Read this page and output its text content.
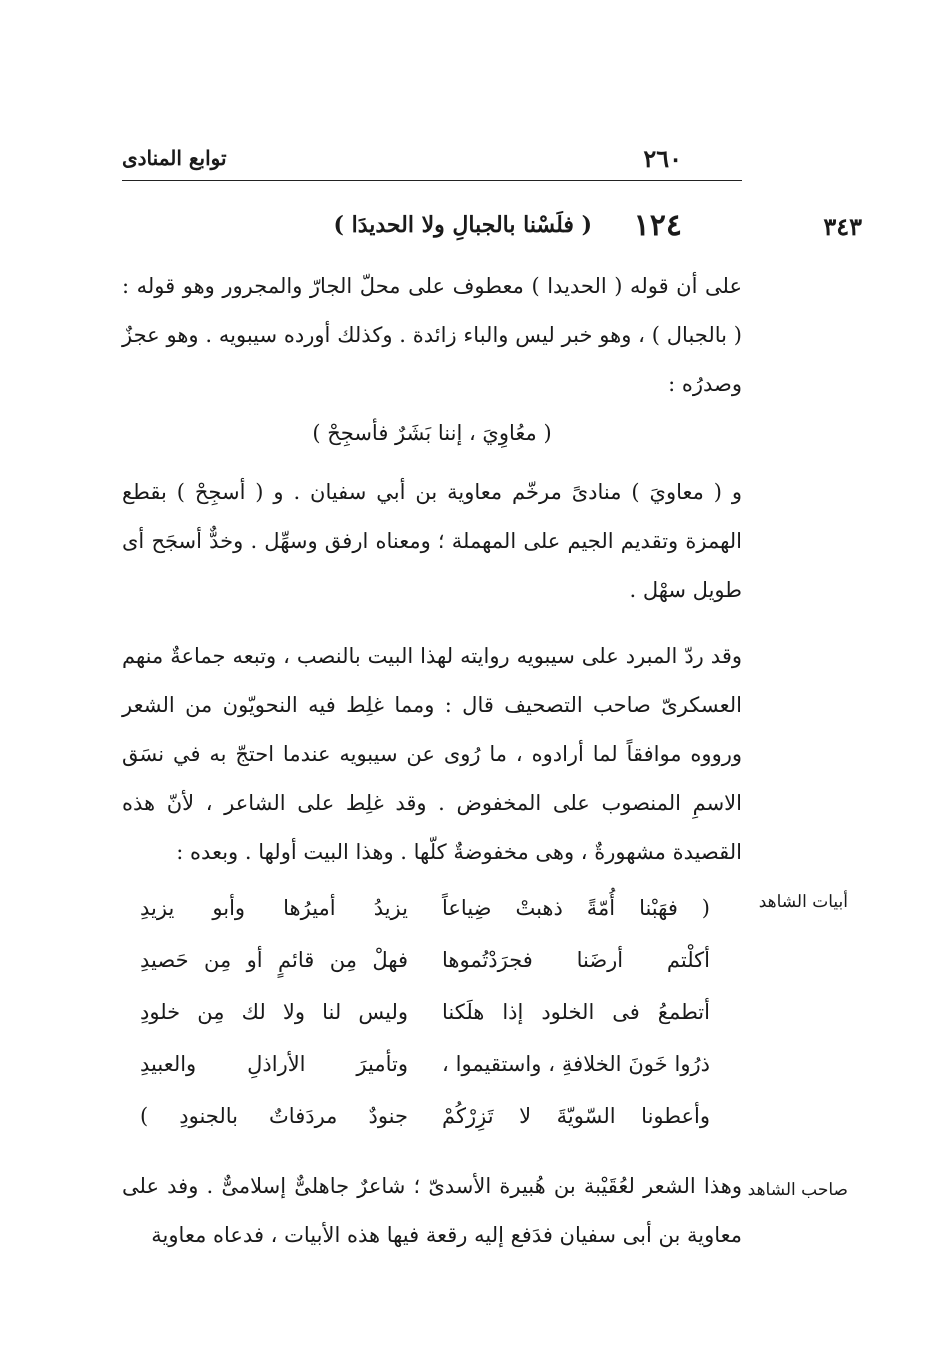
٢٦٠
توابع المنادى
٣٤٣
١٢٤
( فلَسْنا بالجبالِ ولا الحديدَا )
على أن قوله ( الحديدا ) معطوف على محلّ الجارّ والمجرور وهو قوله : ( بالجبال ) ، وهو خبر ليس والباء زائدة . وكذلك أورده سيبويه . وهو عجزٌ وصدرُه :
( معُاوِيَ ، إننا بَشَرٌ فأسجِحْ )
و ( معاويَ ) منادىً مرخّم معاوية بن أبي سفيان . و ( أسجِحْ ) بقطع الهمزة وتقديم الجيم على المهملة ؛ ومعناه ارفق وسهِّل . وخدٌّ أسجَح أى طويل سهْل .
وقد ردّ المبرد على سيبويه روايته لهذا البيت بالنصب ، وتبعه جماعةٌ منهم العسكرىّ صاحب التصحيف قال : ومما غلِط فيه النحويّون من الشعر ورووه موافقاً لما أرادوه ، ما رُوى عن سيبويه عندما احتجّ به في نسَق الاسمِ المنصوب على المخفوض . وقد غلِط على الشاعر ، لأنّ هذه القصيدة مشهورةٌ ، وهى مخفوضةٌ كلّها . وهذا البيت أولها . وبعده :
أبيات الشاهد
( فهَبْنا أُمّةً ذهبتْ ضِياعاً
يزيدُ أميرُها وأبو يزيدِ
أكلْتم أرضَنا فجرَدْتُموها
فهلْ مِن قائمٍ أو مِن حَصيدِ
أتطمعُ فى الخلود إذا هلَكنا
وليس لنا ولا لك مِن خلودِ
ذرُوا خَونَ الخلافةِ ، واستقيموا ،
وتأميرَ الأراذلِ والعبيدِ
وأعطونا السّويّةَ لا تَزِرْكُمْ
جنودٌ مردَفاتٌ بالجنودِ )
صاحب الشاهد
وهذا الشعر لعُقَيْبة بن هُبيرة الأسدىّ ؛ شاعرٌ جاهلىٌّ إسلامىٌّ . وفد على معاوية بن أبى سفيان فدَفع إليه رقعة فيها هذه الأبيات ، فدعاه معاوية
